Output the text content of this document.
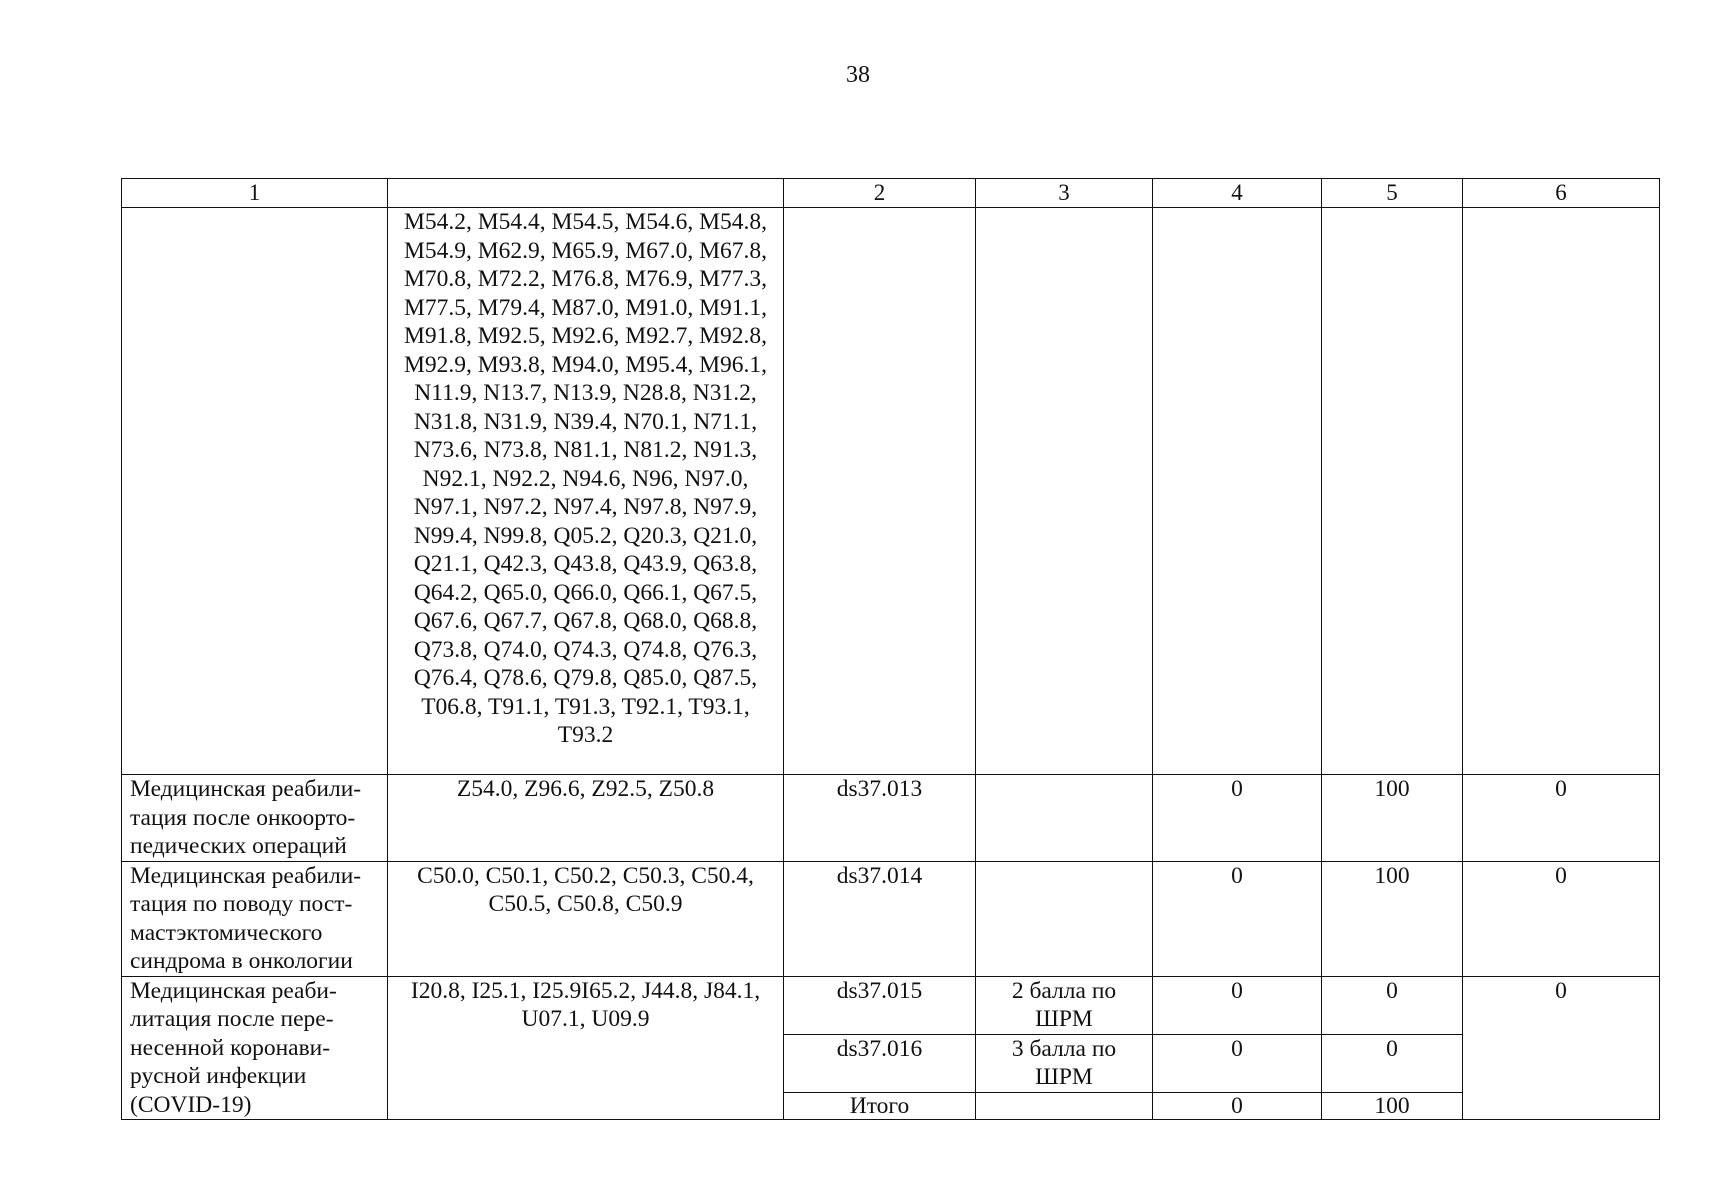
38
1		2	3	4	5	6
	M54.2, M54.4, M54.5, M54.6, M54.8, M54.9, M62.9, M65.9, M67.0, M67.8, M70.8, M72.2, M76.8, M76.9, M77.3, M77.5, M79.4, M87.0, M91.0, M91.1, M91.8, M92.5, M92.6, M92.7, M92.8, M92.9, M93.8, M94.0, M95.4, M96.1, N11.9, N13.7, N13.9, N28.8, N31.2, N31.8, N31.9, N39.4, N70.1, N71.1, N73.6, N73.8, N81.1, N81.2, N91.3, N92.1, N92.2, N94.6, N96, N97.0, N97.1, N97.2, N97.4, N97.8, N97.9, N99.4, N99.8, Q05.2, Q20.3, Q21.0, Q21.1, Q42.3, Q43.8, Q43.9, Q63.8, Q64.2, Q65.0, Q66.0, Q66.1, Q67.5, Q67.6, Q67.7, Q67.8, Q68.0, Q68.8, Q73.8, Q74.0, Q74.3, Q74.8, Q76.3, Q76.4, Q78.6, Q79.8, Q85.0, Q87.5, T06.8, T91.1, T91.3, T92.1, T93.1, T93.2					
Медицинская реабили-тация после онкоорто-педических операций	Z54.0, Z96.6, Z92.5, Z50.8	ds37.013		0	100	0
Медицинская реабили-тация по поводу пост-мастэктомического синдрома в онкологии	C50.0, C50.1, C50.2, C50.3, C50.4, C50.5, C50.8, C50.9	ds37.014		0	100	0
Медицинская реаби-литация после пере-несенной коронави-русной инфекции (COVID-19)	I20.8, I25.1, I25.9I65.2, J44.8, J84.1, U07.1, U09.9	ds37.015	2 балла по ШРМ	0	0	0
		ds37.016	3 балла по ШРМ	0	0	
		Итого		0	100	
